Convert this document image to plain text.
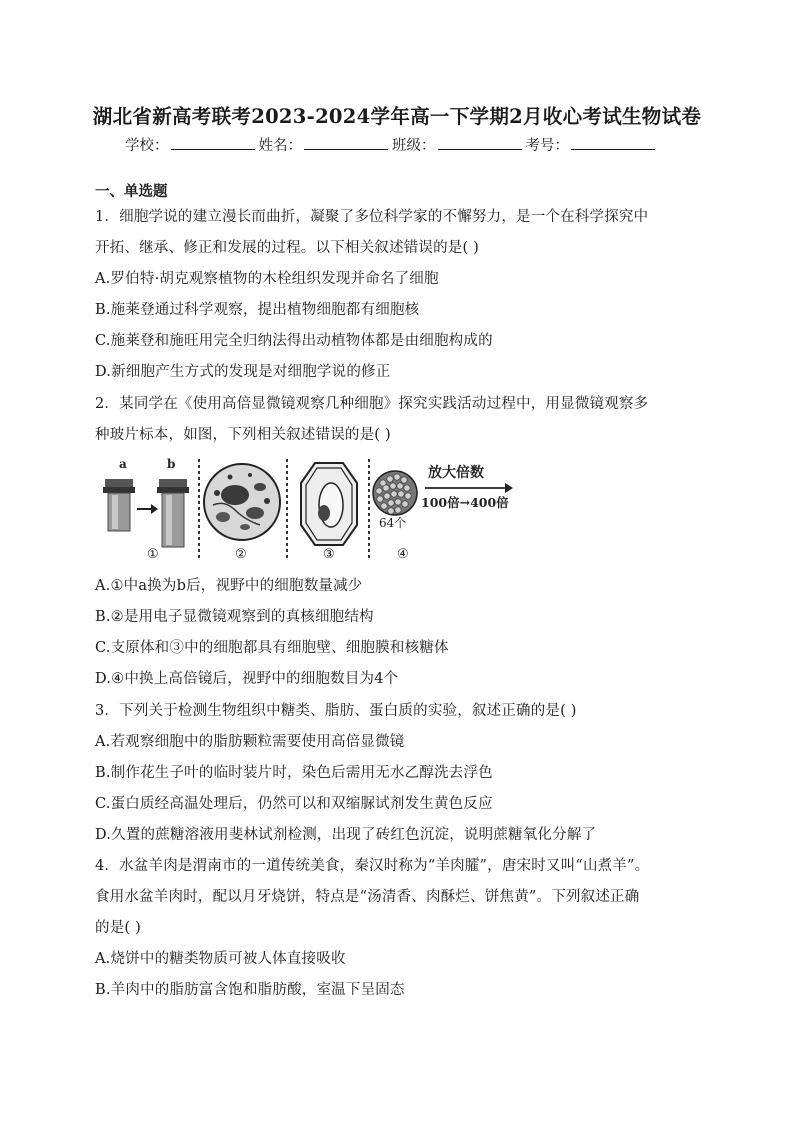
湖北省新高考联考2023-2024学年高一下学期2月收心考试生物试卷
学校：	姓名：	班级：	考号：
一、单选题
1．细胞学说的建立漫长而曲折，凝聚了多位科学家的不懈努力，是一个在科学探究中
开拓、继承、修正和发展的过程。以下相关叙述错误的是( )
A.罗伯特·胡克观察植物的木栓组织发现并命名了细胞
B.施莱登通过科学观察，提出植物细胞都有细胞核
C.施莱登和施旺用完全归纳法得出动植物体都是由细胞构成的
D.新细胞产生方式的发现是对细胞学说的修正
2．某同学在《使用高倍显微镜观察几种细胞》探究实践活动过程中，用显微镜观察多
种玻片标本，如图，下列相关叙述错误的是( )
a	b
①	②	③
64个
放大倍数
100倍→400倍
④
A.①中a换为b后，视野中的细胞数量减少
B.②是用电子显微镜观察到的真核细胞结构
C.支原体和③中的细胞都具有细胞壁、细胞膜和核糖体
D.④中换上高倍镜后，视野中的细胞数目为4个
3．下列关于检测生物组织中糖类、脂肪、蛋白质的实验，叙述正确的是( )
A.若观察细胞中的脂肪颗粒需要使用高倍显微镜
B.制作花生子叶的临时装片时，染色后需用无水乙醇洗去浮色
C.蛋白质经高温处理后，仍然可以和双缩脲试剂发生黄色反应
D.久置的蔗糖溶液用斐林试剂检测，出现了砖红色沉淀，说明蔗糖氧化分解了
4．水盆羊肉是渭南市的一道传统美食，秦汉时称为“羊肉臛”，唐宋时又叫“山煮羊”。
食用水盆羊肉时，配以月牙烧饼，特点是“汤清香、肉酥烂、饼焦黄”。下列叙述正确
的是( )
A.烧饼中的糖类物质可被人体直接吸收
B.羊肉中的脂肪富含饱和脂肪酸，室温下呈固态
